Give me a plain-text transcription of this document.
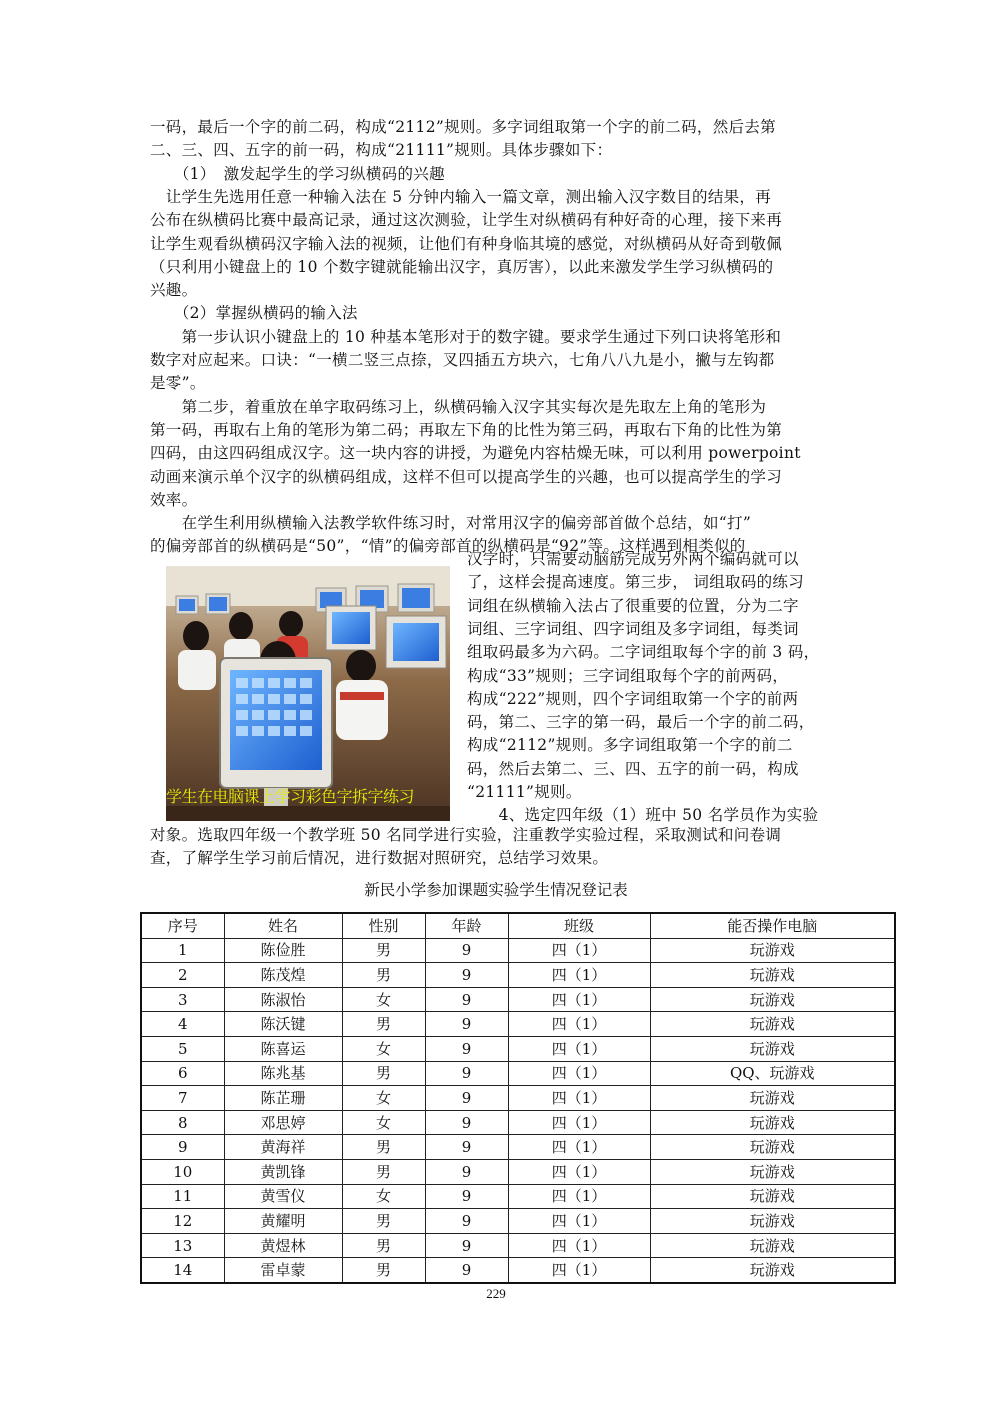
一码，最后一个字的前二码，构成“2112”规则。多字词组取第一个字的前二码，然后去第
二、三、四、五字的前一码，构成“21111”规则。具体步骤如下：
　　（1）　激发起学生的学习纵横码的兴趣
　让学生先选用任意一种输入法在 5 分钟内输入一篇文章，测出输入汉字数目的结果，再
公布在纵横码比赛中最高记录，通过这次测验，让学生对纵横码有种好奇的心理，接下来再
让学生观看纵横码汉字输入法的视频，让他们有种身临其境的感觉，对纵横码从好奇到敬佩
（只利用小键盘上的 10 个数字键就能输出汉字，真厉害），以此来激发学生学习纵横码的
兴趣。
　　（2）掌握纵横码的输入法
　　第一步认识小键盘上的 10 种基本笔形对于的数字键。要求学生通过下列口诀将笔形和
数字对应起来。口诀：“一横二竖三点捺，叉四插五方块六，七角八八九是小，撇与左钩都
是零”。
　　第二步，着重放在单字取码练习上，纵横码输入汉字其实每次是先取左上角的笔形为
第一码，再取右上角的笔形为第二码；再取左下角的比性为第三码，再取右下角的比性为第
四码，由这四码组成汉字。这一块内容的讲授，为避免内容枯燥无味，可以利用 powerpoint
动画来演示单个汉字的纵横码组成，这样不但可以提高学生的兴趣，也可以提高学生的学习
效率。
　　在学生利用纵横输入法教学软件练习时，对常用汉字的偏旁部首做个总结，如“打”
的偏旁部首的纵横码是“50”，“情”的偏旁部首的纵横码是“92”等。这样遇到相类似的
学生在电脑课上学习彩色字拆字练习
汉字时，只需要动脑筋完成另外两个编码就可以
了，这样会提高速度。第三步， 词组取码的练习
词组在纵横输入法占了很重要的位置，分为二字
词组、三字词组、四字词组及多字词组，每类词
组取码最多为六码。二字词组取每个字的前 3 码，
构成“33”规则；三字词组取每个字的前两码，
构成“222”规则，四个字词组取第一个字的前两
码，第二、三字的第一码，最后一个字的前二码，
构成“2112”规则。多字词组取第一个字的前二
码，然后去第二、三、四、五字的前一码，构成
“21111”规则。
　　4、选定四年级（1）班中 50 名学员作为实验
对象。选取四年级一个教学班 50 名同学进行实验，注重教学实验过程，采取测试和问卷调
查，了解学生学习前后情况，进行数据对照研究，总结学习效果。
新民小学参加课题实验学生情况登记表
序号	姓名	性别	年龄	班级	能否操作电脑
1	陈俭胜	男	9	四（1）	玩游戏
2	陈茂煌	男	9	四（1）	玩游戏
3	陈淑怡	女	9	四（1）	玩游戏
4	陈沃键	男	9	四（1）	玩游戏
5	陈喜运	女	9	四（1）	玩游戏
6	陈兆基	男	9	四（1）	QQ、玩游戏
7	陈芷珊	女	9	四（1）	玩游戏
8	邓思婷	女	9	四（1）	玩游戏
9	黄海祥	男	9	四（1）	玩游戏
10	黄凯锋	男	9	四（1）	玩游戏
11	黄雪仪	女	9	四（1）	玩游戏
12	黄耀明	男	9	四（1）	玩游戏
13	黄煜林	男	9	四（1）	玩游戏
14	雷卓蒙	男	9	四（1）	玩游戏
229
